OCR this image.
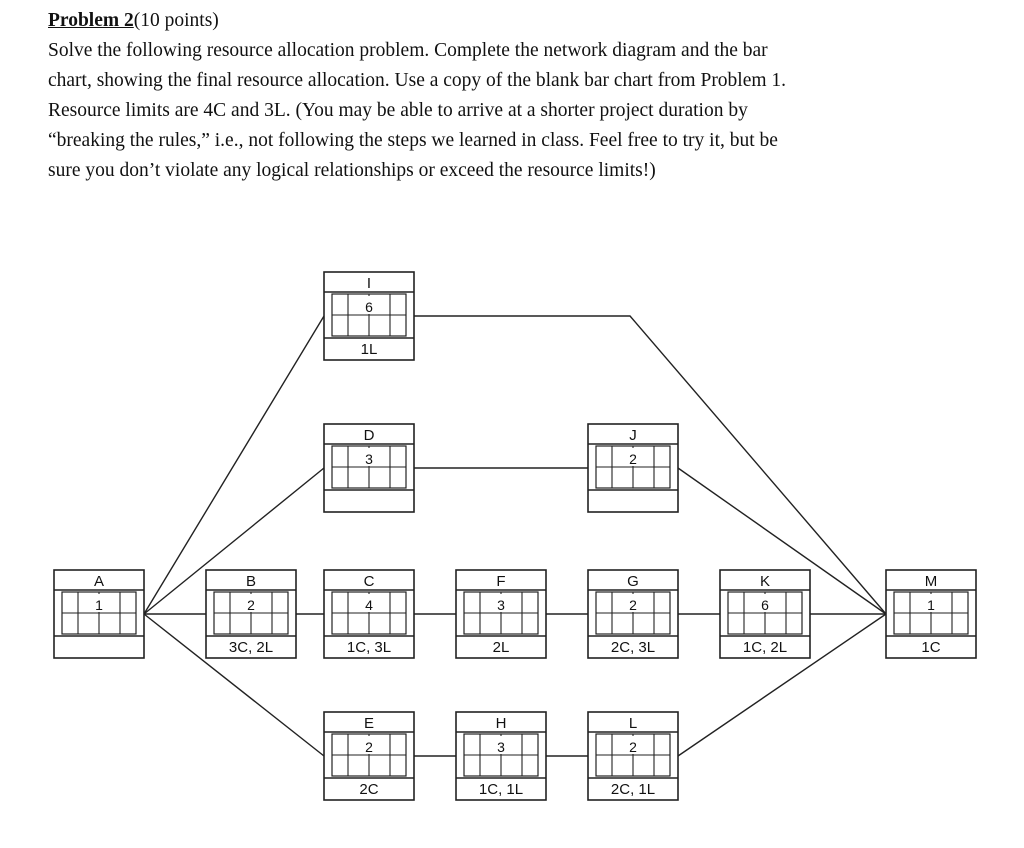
Problem 2(10 points)
Solve the following resource allocation problem. Complete the network diagram and the bar
chart, showing the final resource allocation. Use a copy of the blank bar chart from Problem 1.
Resource limits are 4C and 3L. (You may be able to arrive at a shorter project duration by
“breaking the rules,” i.e., not following the steps we learned in class. Feel free to try it, but be
sure you don’t violate any logical relationships or exceed the resource limits!)
A
1
B
2
3C, 2L
C
4
1C, 3L
D
3
E
2
2C
F
3
2L
G
2
2C, 3L
H
3
1C, 1L
I
6
1L
J
2
K
6
1C, 2L
L
2
2C, 1L
M
1
1C
